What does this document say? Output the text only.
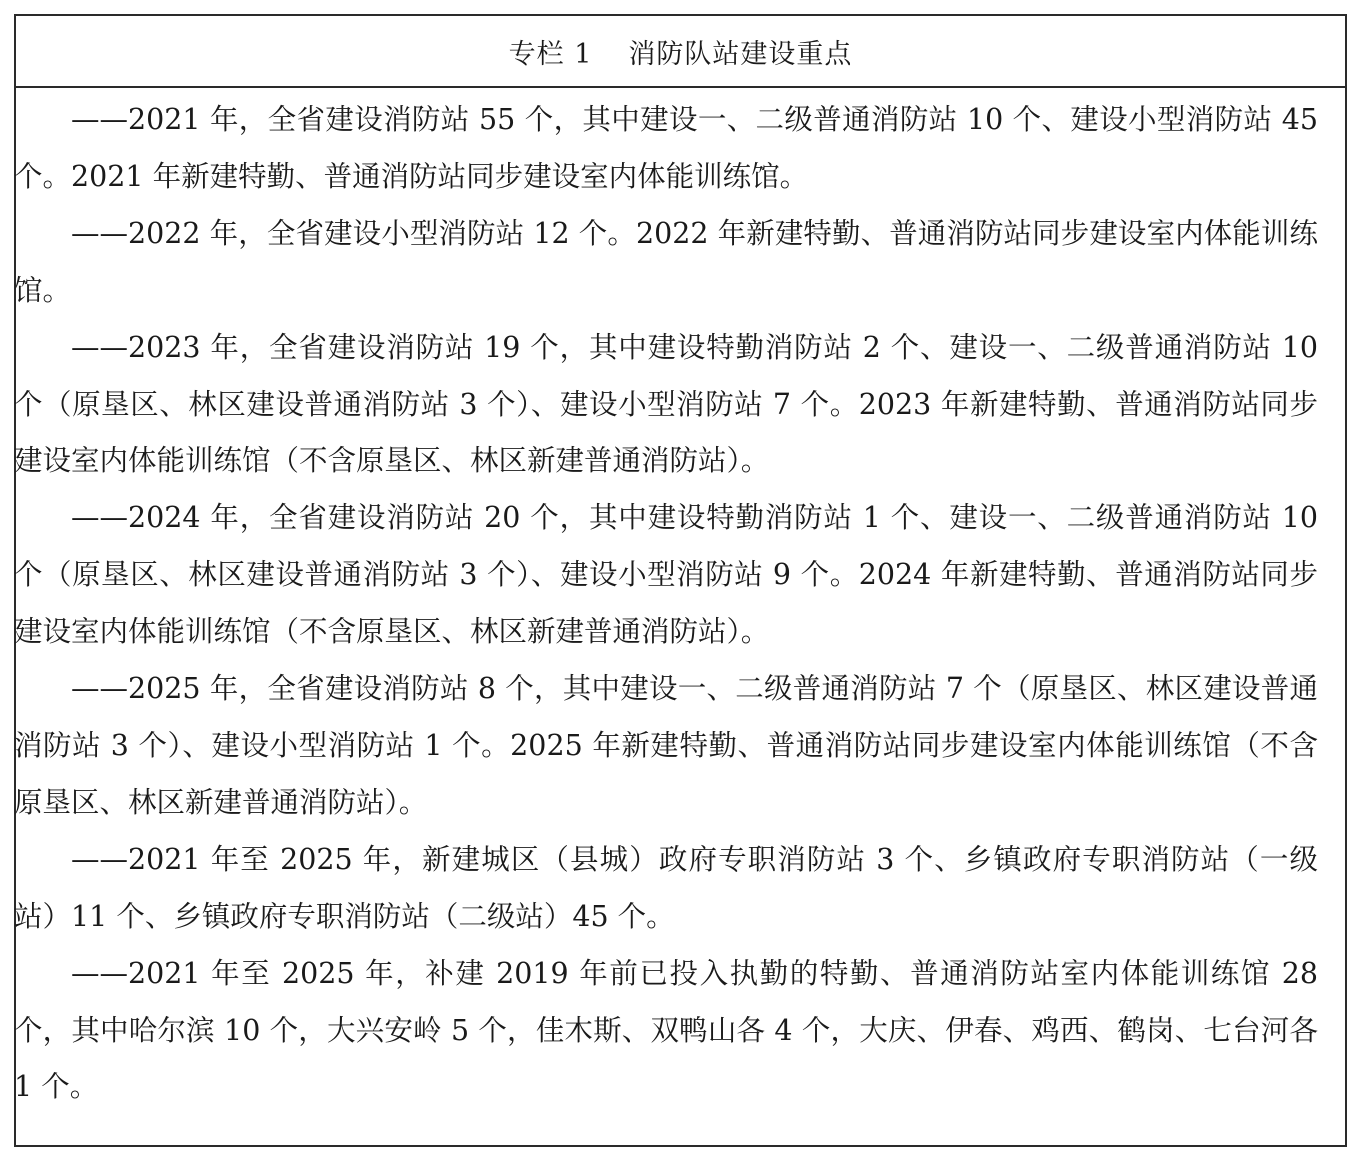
专栏 1 消防队站建设重点

——2021 年，全省建设消防站 55 个，其中建设一、二级普通消防站 10 个、建设小型消防站 45 个。2021 年新建特勤、普通消防站同步建设室内体能训练馆。

——2022 年，全省建设小型消防站 12 个。2022 年新建特勤、普通消防站同步建设室内体能训练馆。

——2023 年，全省建设消防站 19 个，其中建设特勤消防站 2 个、建设一、二级普通消防站 10 个（原垦区、林区建设普通消防站 3 个）、建设小型消防站 7 个。2023 年新建特勤、普通消防站同步建设室内体能训练馆（不含原垦区、林区新建普通消防站）。

——2024 年，全省建设消防站 20 个，其中建设特勤消防站 1 个、建设一、二级普通消防站 10 个（原垦区、林区建设普通消防站 3 个）、建设小型消防站 9 个。2024 年新建特勤、普通消防站同步建设室内体能训练馆（不含原垦区、林区新建普通消防站）。

——2025 年，全省建设消防站 8 个，其中建设一、二级普通消防站 7 个（原垦区、林区建设普通消防站 3 个）、建设小型消防站 1 个。2025 年新建特勤、普通消防站同步建设室内体能训练馆（不含原垦区、林区新建普通消防站）。

——2021 年至 2025 年，新建城区（县城）政府专职消防站 3 个、乡镇政府专职消防站（一级站）11 个、乡镇政府专职消防站（二级站）45 个。

——2021 年至 2025 年，补建 2019 年前已投入执勤的特勤、普通消防站室内体能训练馆 28 个，其中哈尔滨 10 个，大兴安岭 5 个，佳木斯、双鸭山各 4 个，大庆、伊春、鸡西、鹤岗、七台河各 1 个。
